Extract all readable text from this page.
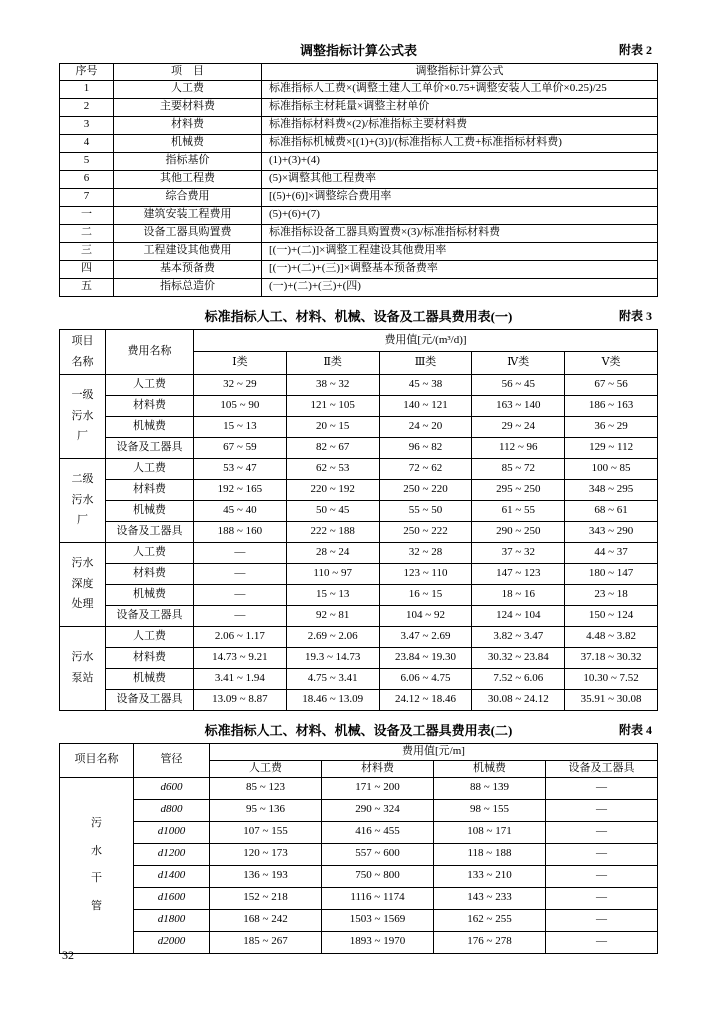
调整指标计算公式表	附表 2
序号	项　目	调整指标计算公式
1	人工费	标准指标人工费×(调整土建人工单价×0.75+调整安装人工单价×0.25)/25
2	主要材料费	标准指标主材耗量×调整主材单价
3	材料费	标准指标材料费×(2)/标准指标主要材料费
4	机械费	标准指标机械费×[(1)+(3)]/(标准指标人工费+标准指标材料费)
5	指标基价	(1)+(3)+(4)
6	其他工程费	(5)×调整其他工程费率
7	综合费用	[(5)+(6)]×调整综合费用率
一	建筑安装工程费用	(5)+(6)+(7)
二	设备工器具购置费	标准指标设备工器具购置费×(3)/标准指标材料费
三	工程建设其他费用	[(一)+(二)]×调整工程建设其他费用率
四	基本预备费	[(一)+(二)+(三)]×调整基本预备费率
五	指标总造价	(一)+(二)+(三)+(四)
标准指标人工、材料、机械、设备及工器具费用表(一)	附表 3
项目名称	费用名称	费用值[元/(m³/d)]				
		Ⅰ类	Ⅱ类	Ⅲ类	Ⅳ类	Ⅴ类
一级污水厂	人工费	32 ~ 29	38 ~ 32	45 ~ 38	56 ~ 45	67 ~ 56
	材料费	105 ~ 90	121 ~ 105	140 ~ 121	163 ~ 140	186 ~ 163
	机械费	15 ~ 13	20 ~ 15	24 ~ 20	29 ~ 24	36 ~ 29
	设备及工器具	67 ~ 59	82 ~ 67	96 ~ 82	112 ~ 96	129 ~ 112
二级污水厂	人工费	53 ~ 47	62 ~ 53	72 ~ 62	85 ~ 72	100 ~ 85
	材料费	192 ~ 165	220 ~ 192	250 ~ 220	295 ~ 250	348 ~ 295
	机械费	45 ~ 40	50 ~ 45	55 ~ 50	61 ~ 55	68 ~ 61
	设备及工器具	188 ~ 160	222 ~ 188	250 ~ 222	290 ~ 250	343 ~ 290
污水深度处理	人工费	—	28 ~ 24	32 ~ 28	37 ~ 32	44 ~ 37
	材料费	—	110 ~ 97	123 ~ 110	147 ~ 123	180 ~ 147
	机械费	—	15 ~ 13	16 ~ 15	18 ~ 16	23 ~ 18
	设备及工器具	—	92 ~ 81	104 ~ 92	124 ~ 104	150 ~ 124
污水泵站	人工费	2.06 ~ 1.17	2.69 ~ 2.06	3.47 ~ 2.69	3.82 ~ 3.47	4.48 ~ 3.82
	材料费	14.73 ~ 9.21	19.3 ~ 14.73	23.84 ~ 19.30	30.32 ~ 23.84	37.18 ~ 30.32
	机械费	3.41 ~ 1.94	4.75 ~ 3.41	6.06 ~ 4.75	7.52 ~ 6.06	10.30 ~ 7.52
	设备及工器具	13.09 ~ 8.87	18.46 ~ 13.09	24.12 ~ 18.46	30.08 ~ 24.12	35.91 ~ 30.08
标准指标人工、材料、机械、设备及工器具费用表(二)	附表 4
项目名称	管径	费用值[元/m]			
		人工费	材料费	机械费	设备及工器具
污水干管	d600	85 ~ 123	171 ~ 200	88 ~ 139	—
	d800	95 ~ 136	290 ~ 324	98 ~ 155	—
	d1000	107 ~ 155	416 ~ 455	108 ~ 171	—
	d1200	120 ~ 173	557 ~ 600	118 ~ 188	—
	d1400	136 ~ 193	750 ~ 800	133 ~ 210	—
	d1600	152 ~ 218	1116 ~ 1174	143 ~ 233	—
	d1800	168 ~ 242	1503 ~ 1569	162 ~ 255	—
	d2000	185 ~ 267	1893 ~ 1970	176 ~ 278	—
32
